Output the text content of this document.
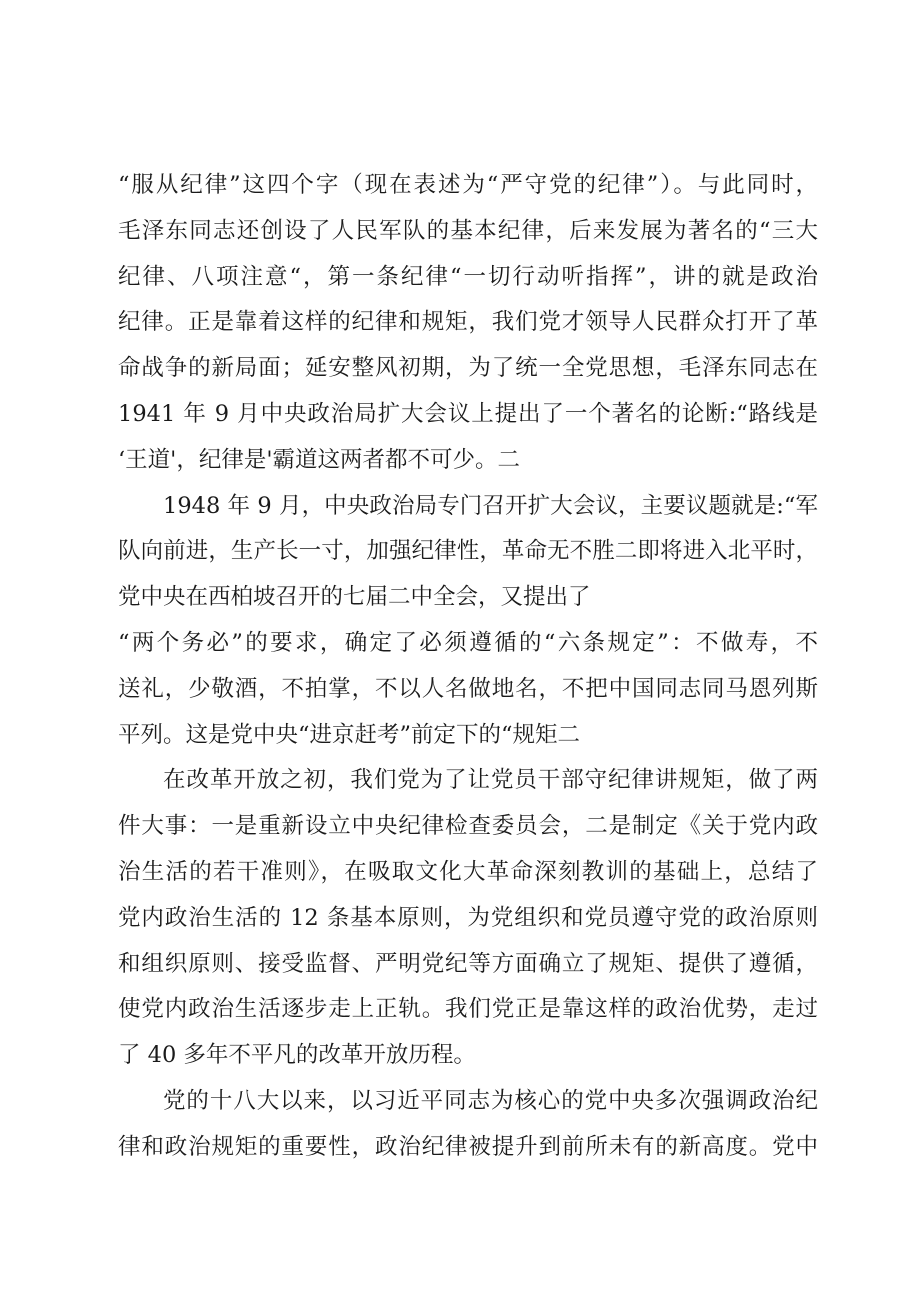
“服从纪律”这四个字（现在表述为“严守党的纪律”）。与此同时，
毛泽东同志还创设了人民军队的基本纪律，后来发展为著名的“三大
纪律、八项注意“，第一条纪律“一切行动听指挥”，讲的就是政治
纪律。正是靠着这样的纪律和规矩，我们党才领导人民群众打开了革
命战争的新局面；延安整风初期，为了统一全党思想，毛泽东同志在
1941 年 9 月中央政治局扩大会议上提出了一个著名的论断:“路线是
‘王道'，纪律是'霸道这两者都不可少。二
1948 年 9 月，中央政治局专门召开扩大会议，主要议题就是:“军
队向前进，生产长一寸，加强纪律性，革命无不胜二即将进入北平时，
党中央在西柏坡召开的七届二中全会，又提出了
“两个务必”的要求，确定了必须遵循的“六条规定”：不做寿，不
送礼，少敬酒，不拍掌，不以人名做地名，不把中国同志同马恩列斯
平列。这是党中央“进京赶考”前定下的“规矩二
在改革开放之初，我们党为了让党员干部守纪律讲规矩，做了两
件大事：一是重新设立中央纪律检查委员会，二是制定《关于党内政
治生活的若干准则》，在吸取文化大革命深刻教训的基础上，总结了
党内政治生活的 12 条基本原则，为党组织和党员遵守党的政治原则
和组织原则、接受监督、严明党纪等方面确立了规矩、提供了遵循，
使党内政治生活逐步走上正轨。我们党正是靠这样的政治优势，走过
了 40 多年不平凡的改革开放历程。
党的十八大以来，以习近平同志为核心的党中央多次强调政治纪
律和政治规矩的重要性，政治纪律被提升到前所未有的新高度。党中
